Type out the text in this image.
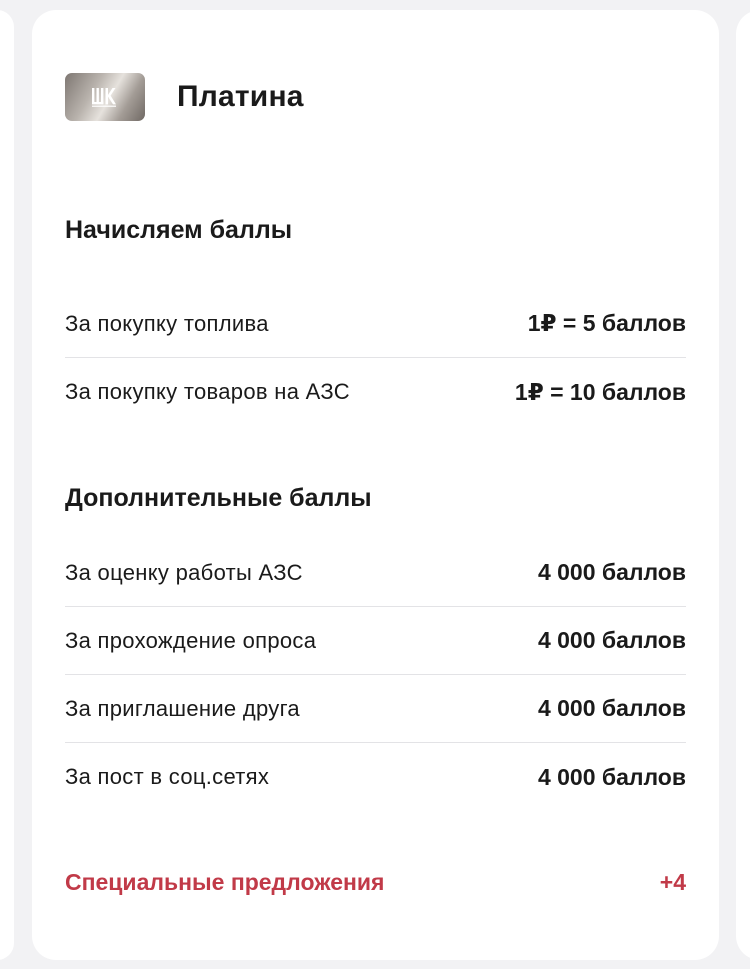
Платина
Начисляем баллы
За покупку топлива	1₽ = 5 баллов
За покупку товаров на АЗС	1₽ = 10 баллов
Дополнительные баллы
За оценку работы АЗС	4 000 баллов
За прохождение опроса	4 000 баллов
За приглашение друга	4 000 баллов
За пост в соц.сетях	4 000 баллов
Специальные предложения	+4
